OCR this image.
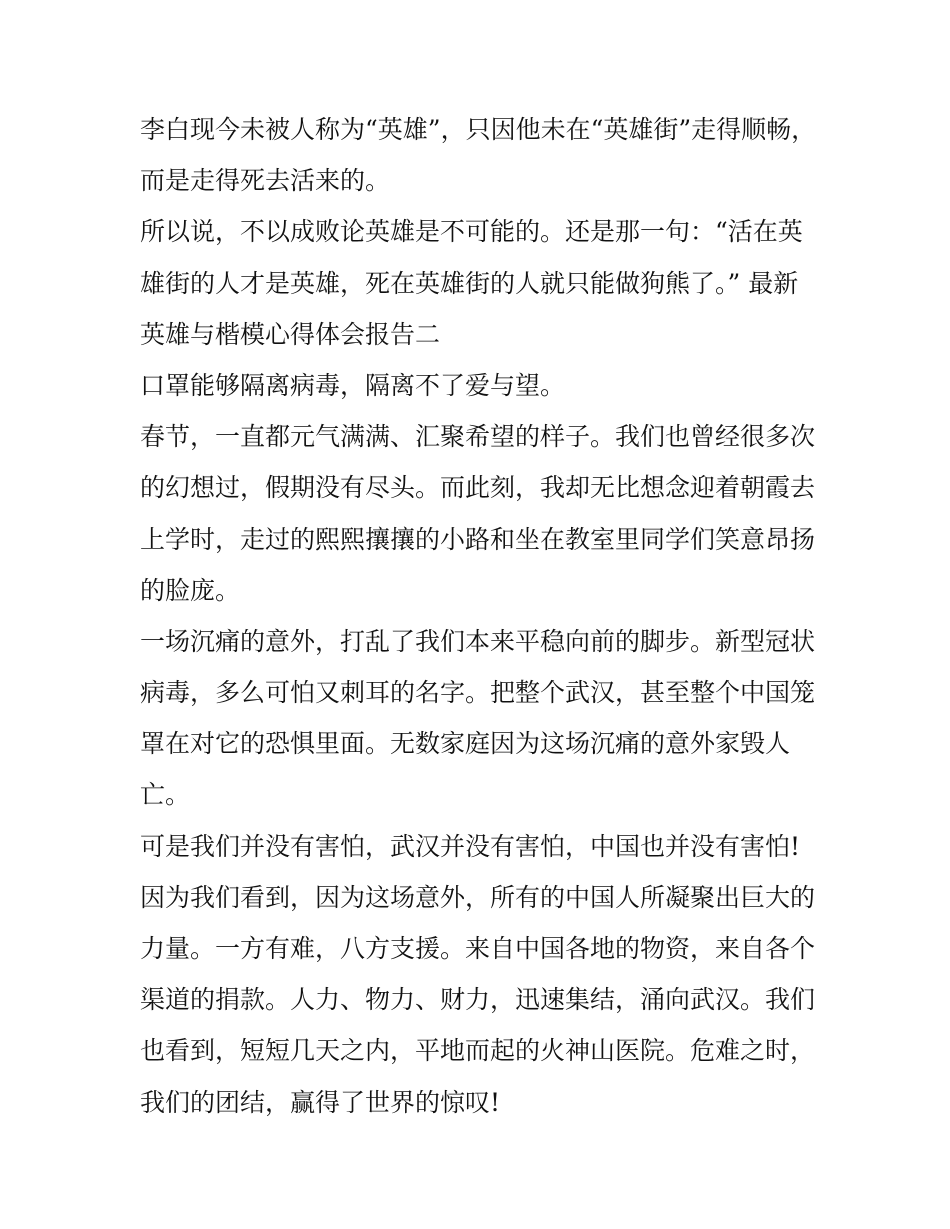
李白现今未被人称为“英雄”，只因他未在“英雄街”走得顺畅，
而是走得死去活来的。
所以说，不以成败论英雄是不可能的。还是那一句：“活在英
雄街的人才是英雄，死在英雄街的人就只能做狗熊了。” 最新
英雄与楷模心得体会报告二
口罩能够隔离病毒，隔离不了爱与望。
春节，一直都元气满满、汇聚希望的样子。我们也曾经很多次
的幻想过，假期没有尽头。而此刻，我却无比想念迎着朝霞去
上学时，走过的熙熙攘攘的小路和坐在教室里同学们笑意昂扬
的脸庞。
一场沉痛的意外，打乱了我们本来平稳向前的脚步。新型冠状
病毒，多么可怕又刺耳的名字。把整个武汉，甚至整个中国笼
罩在对它的恐惧里面。无数家庭因为这场沉痛的意外家毁人
亡。
可是我们并没有害怕，武汉并没有害怕，中国也并没有害怕!
因为我们看到，因为这场意外，所有的中国人所凝聚出巨大的
力量。一方有难，八方支援。来自中国各地的物资，来自各个
渠道的捐款。人力、物力、财力，迅速集结，涌向武汉。我们
也看到，短短几天之内，平地而起的火神山医院。危难之时，
我们的团结，赢得了世界的惊叹!
